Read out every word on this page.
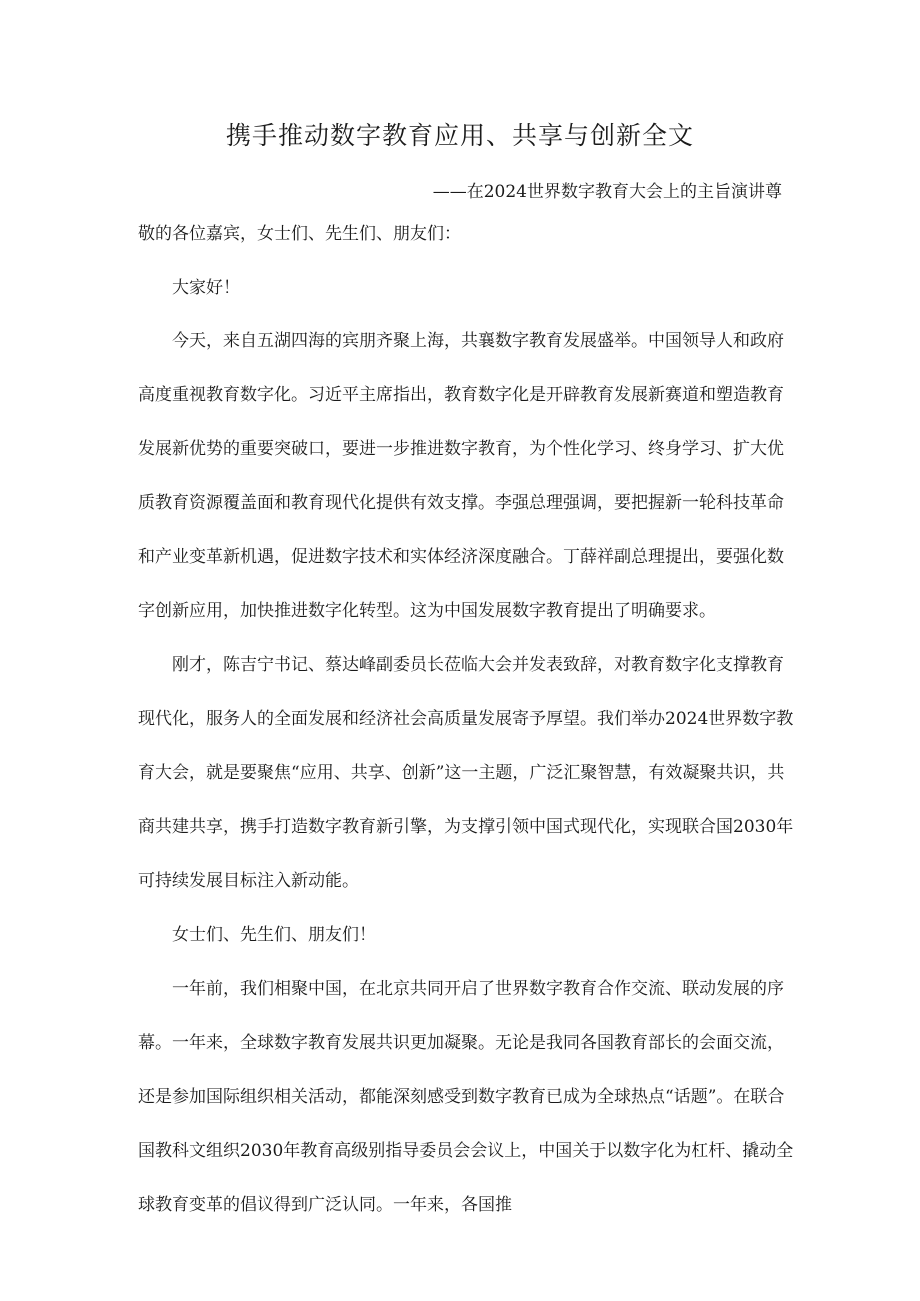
携手推动数字教育应用、共享与创新全文
——在2024世界数字教育大会上的主旨演讲尊

敬的各位嘉宾，女士们、先生们、朋友们：

大家好！

今天，来自五湖四海的宾朋齐聚上海，共襄数字教育发展盛举。中国领导人和政府高度重视教育数字化。习近平主席指出，教育数字化是开辟教育发展新赛道和塑造教育发展新优势的重要突破口，要进一步推进数字教育，为个性化学习、终身学习、扩大优质教育资源覆盖面和教育现代化提供有效支撑。李强总理强调，要把握新一轮科技革命和产业变革新机遇，促进数字技术和实体经济深度融合。丁薛祥副总理提出，要强化数字创新应用，加快推进数字化转型。这为中国发展数字教育提出了明确要求。

刚才，陈吉宁书记、蔡达峰副委员长莅临大会并发表致辞，对教育数字化支撑教育现代化，服务人的全面发展和经济社会高质量发展寄予厚望。我们举办2024世界数字教育大会，就是要聚焦“应用、共享、创新”这一主题，广泛汇聚智慧，有效凝聚共识，共商共建共享，携手打造数字教育新引擎，为支撑引领中国式现代化，实现联合国2030年可持续发展目标注入新动能。

女士们、先生们、朋友们！

一年前，我们相聚中国，在北京共同开启了世界数字教育合作交流、联动发展的序幕。一年来，全球数字教育发展共识更加凝聚。无论是我同各国教育部长的会面交流，还是参加国际组织相关活动，都能深刻感受到数字教育已成为全球热点“话题”。在联合国教科文组织2030年教育高级别指导委员会会议上，中国关于以数字化为杠杆、撬动全球教育变革的倡议得到广泛认同。一年来，各国推
